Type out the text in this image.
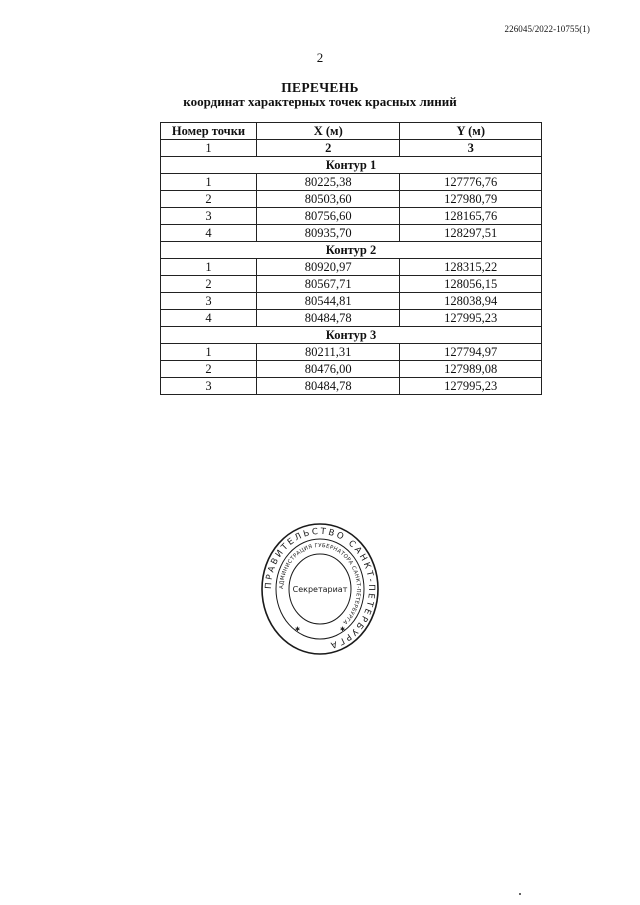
226045/2022-10755(1)
2
ПЕРЕЧЕНЬ
координат характерных точек красных линий
Номер точки	X (м)	Y (м)
1	2	3
Контур 1		
1	80225,38	127776,76
2	80503,60	127980,79
3	80756,60	128165,76
4	80935,70	128297,51
Контур 2		
1	80920,97	128315,22
2	80567,71	128056,15
3	80544,81	128038,94
4	80484,78	127995,23
Контур 3		
1	80211,31	127794,97
2	80476,00	127989,08
3	80484,78	127995,23
ПРАВИТЕЛЬСТВО САНКТ-ПЕТЕРБУРГА
АДМИНИСТРАЦИЯ ГУБЕРНАТОРА САНКТ-ПЕТЕРБУРГА
Секретариат
✱	✱
